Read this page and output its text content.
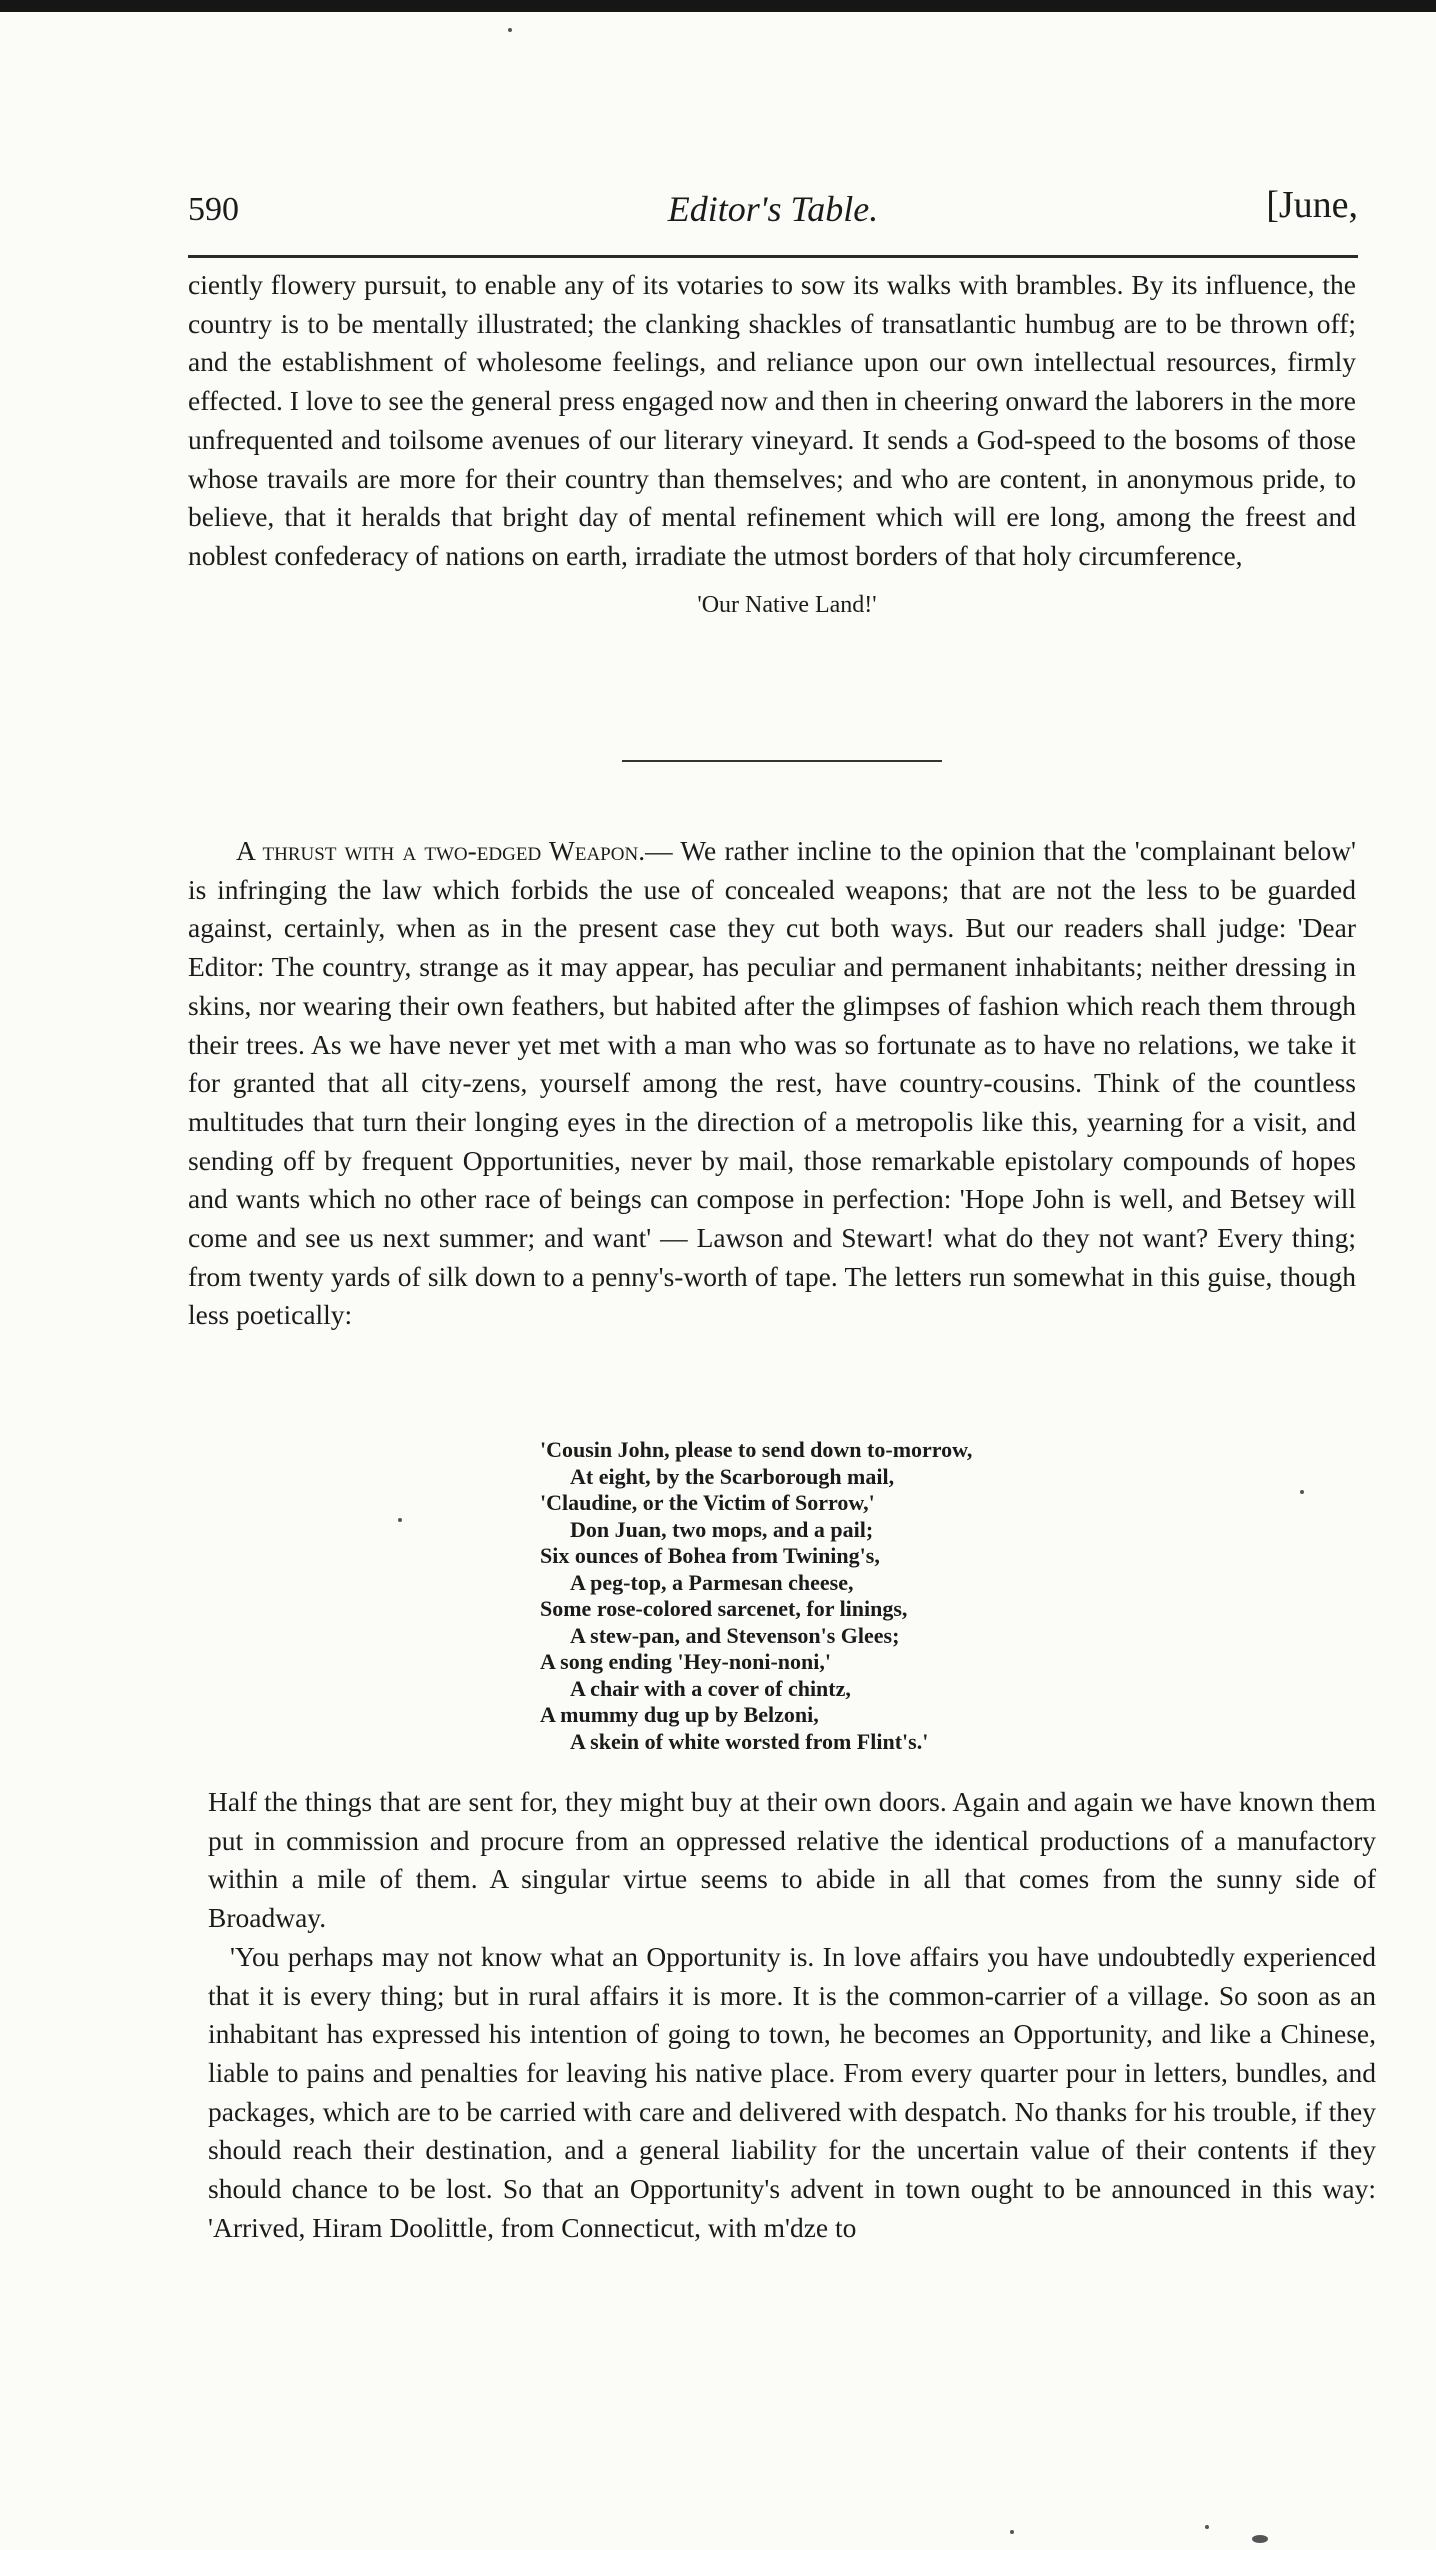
590	Editor's Table.	[June,

ciently flowery pursuit, to enable any of its votaries to sow its walks with brambles. By its influence, the country is to be mentally illustrated; the clanking shackles of transatlantic humbug are to be thrown off; and the establishment of wholesome feelings, and reliance upon our own intellectual resources, firmly effected. I love to see the general press engaged now and then in cheering onward the laborers in the more unfrequented and toilsome avenues of our literary vineyard. It sends a God-speed to the bosoms of those whose travails are more for their country than themselves; and who are content, in anonymous pride, to believe, that it heralds that bright day of mental refinement which will ere long, among the freest and noblest confederacy of nations on earth, irradiate the utmost borders of that holy circumference,

'Our Native Land!'

A thrust with a two-edged Weapon.— We rather incline to the opinion that the 'complainant below' is infringing the law which forbids the use of concealed weapons; that are not the less to be guarded against, certainly, when as in the present case they cut both ways. But our readers shall judge: 'Dear Editor: The country, strange as it may appear, has peculiar and permanent inhabitants; neither dressing in skins, nor wearing their own feathers, but habited after the glimpses of fashion which reach them through their trees. As we have never yet met with a man who was so fortunate as to have no relations, we take it for granted that all city-zens, yourself among the rest, have country-cousins. Think of the countless multitudes that turn their longing eyes in the direction of a metropolis like this, yearning for a visit, and sending off by frequent Opportunities, never by mail, those remarkable epistolary compounds of hopes and wants which no other race of beings can compose in perfection: 'Hope John is well, and Betsey will come and see us next summer; and want' — Lawson and Stewart! what do they not want? Every thing; from twenty yards of silk down to a penny's-worth of tape. The letters run somewhat in this guise, though less poetically:

'Cousin John, please to send down to-morrow,
At eight, by the Scarborough mail,
'Claudine, or the Victim of Sorrow,'
Don Juan, two mops, and a pail;
Six ounces of Bohea from Twining's,
A peg-top, a Parmesan cheese,
Some rose-colored sarcenet, for linings,
A stew-pan, and Stevenson's Glees;
A song ending 'Hey-noni-noni,'
A chair with a cover of chintz,
A mummy dug up by Belzoni,
A skein of white worsted from Flint's.'

Half the things that are sent for, they might buy at their own doors. Again and again we have known them put in commission and procure from an oppressed relative the identical productions of a manufactory within a mile of them. A singular virtue seems to abide in all that comes from the sunny side of Broadway.

'You perhaps may not know what an Opportunity is. In love affairs you have undoubtedly experienced that it is every thing; but in rural affairs it is more. It is the common-carrier of a village. So soon as an inhabitant has expressed his intention of going to town, he becomes an Opportunity, and like a Chinese, liable to pains and penalties for leaving his native place. From every quarter pour in letters, bundles, and packages, which are to be carried with care and delivered with despatch. No thanks for his trouble, if they should reach their destination, and a general liability for the uncertain value of their contents if they should chance to be lost. So that an Opportunity's advent in town ought to be announced in this way: 'Arrived, Hiram Doolittle, from Connecticut, with m'dze to
